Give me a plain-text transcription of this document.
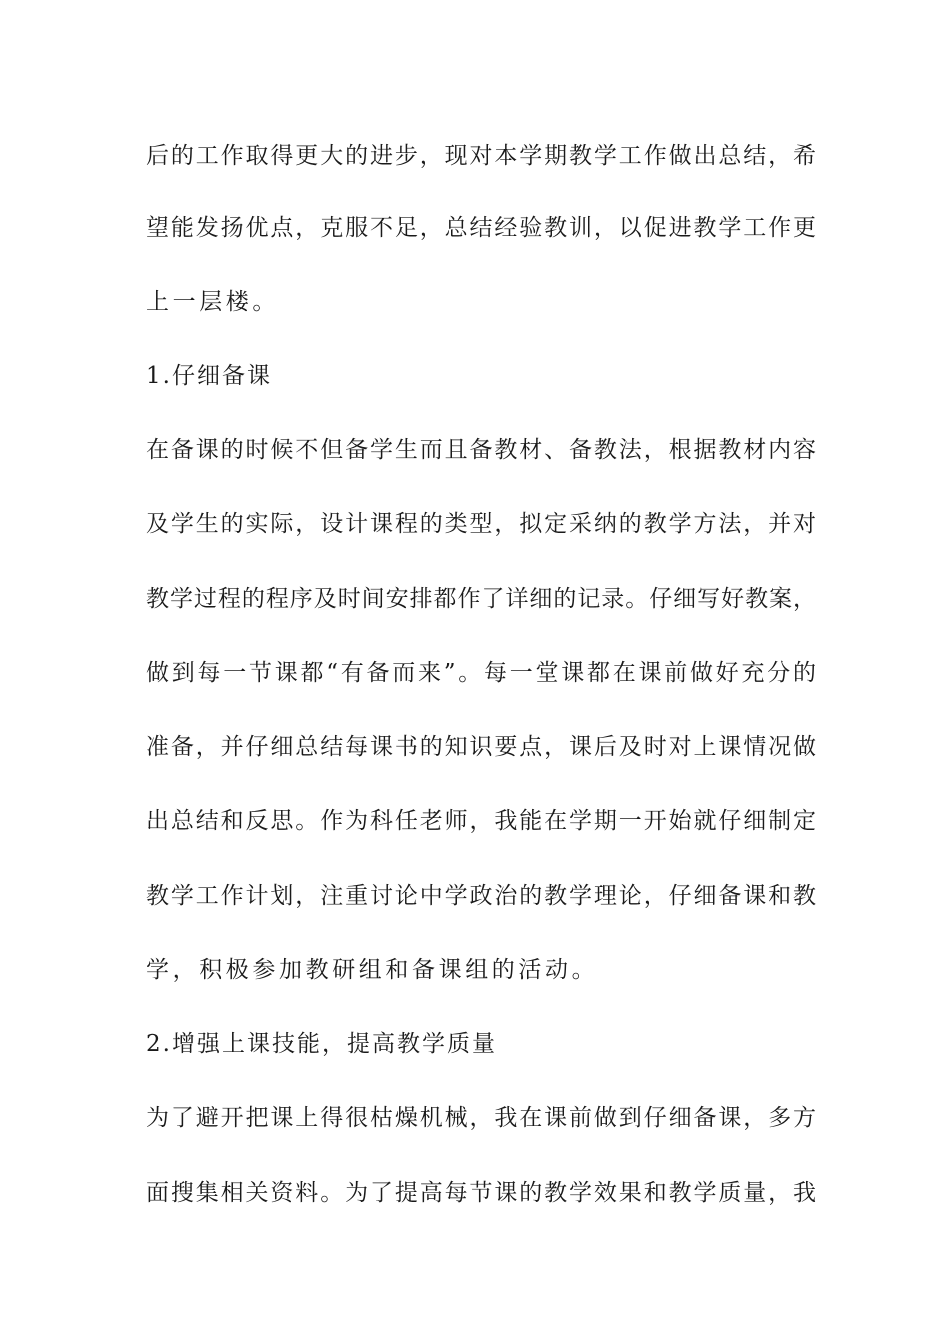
后的工作取得更大的进步，现对本学期教学工作做出总结，希
望能发扬优点，克服不足，总结经验教训，以促进教学工作更
上一层楼。
1.仔细备课
在备课的时候不但备学生而且备教材、备教法，根据教材内容
及学生的实际，设计课程的类型，拟定采纳的教学方法，并对
教学过程的程序及时间安排都作了详细的记录。仔细写好教案，
做到每一节课都“有备而来”。每一堂课都在课前做好充分的
准备，并仔细总结每课书的知识要点，课后及时对上课情况做
出总结和反思。作为科任老师，我能在学期一开始就仔细制定
教学工作计划，注重讨论中学政治的教学理论，仔细备课和教
学，积极参加教研组和备课组的活动。
2.增强上课技能，提高教学质量
为了避开把课上得很枯燥机械，我在课前做到仔细备课，多方
面搜集相关资料。为了提高每节课的教学效果和教学质量，我
